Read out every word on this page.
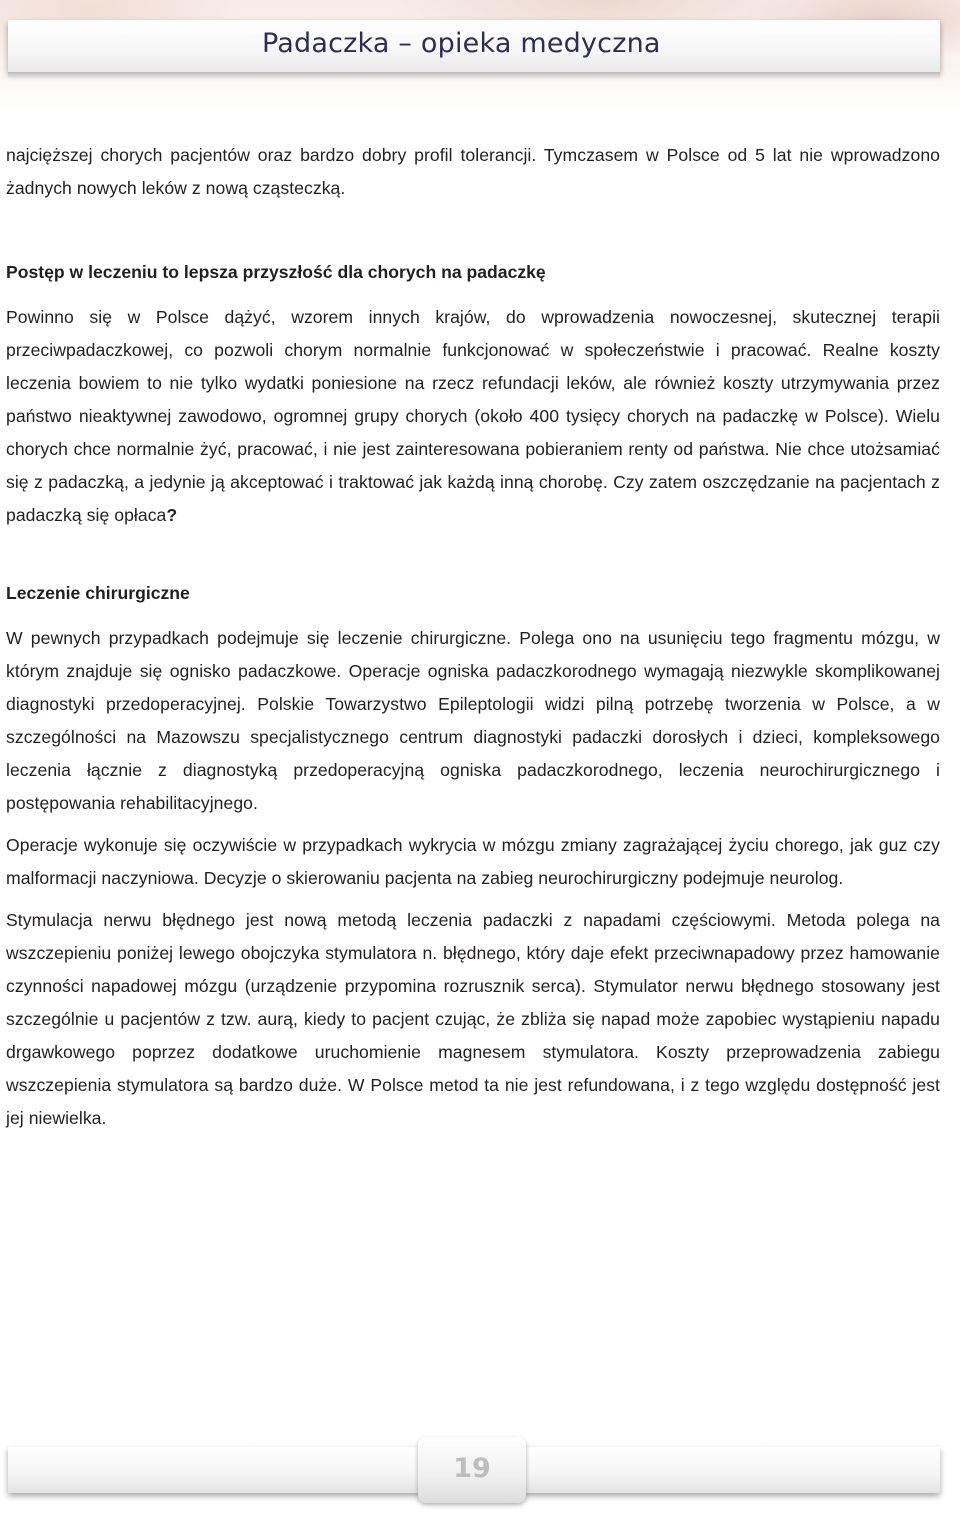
Padaczka – opieka medyczna

najcięższej chorych pacjentów oraz bardzo dobry profil tolerancji. Tymczasem w Polsce od 5 lat nie wprowadzono żadnych nowych leków z nową cząsteczką.

Postęp w leczeniu to lepsza przyszłość dla chorych na padaczkę

Powinno się w Polsce dążyć, wzorem innych krajów, do wprowadzenia nowoczesnej, skutecznej terapii przeciwpadaczkowej, co pozwoli chorym normalnie funkcjonować w społeczeństwie i pracować. Realne koszty leczenia bowiem to nie tylko wydatki poniesione na rzecz refundacji leków, ale również koszty utrzymywania przez państwo nieaktywnej zawodowo, ogromnej grupy chorych (około 400 tysięcy chorych na padaczkę w Polsce). Wielu chorych chce normalnie żyć, pracować, i nie jest zainteresowana pobieraniem renty od państwa. Nie chce utożsamiać się z padaczką, a jedynie ją akceptować i traktować jak każdą inną chorobę. Czy zatem oszczędzanie na pacjentach z padaczką się opłaca?

Leczenie chirurgiczne

W pewnych przypadkach podejmuje się leczenie chirurgiczne. Polega ono na usunięciu tego fragmentu mózgu, w którym znajduje się ognisko padaczkowe. Operacje ogniska padaczkorodnego wymagają niezwykle skomplikowanej diagnostyki przedoperacyjnej. Polskie Towarzystwo Epileptologii widzi pilną potrzebę tworzenia w Polsce, a w szczególności na Mazowszu specjalistycznego centrum diagnostyki padaczki dorosłych i dzieci, kompleksowego leczenia łącznie z diagnostyką przedoperacyjną ogniska padaczkorodnego, leczenia neurochirurgicznego i postępowania rehabilitacyjnego.

Operacje wykonuje się oczywiście w przypadkach wykrycia w mózgu zmiany zagrażającej życiu chorego, jak guz czy malformacji naczyniowa. Decyzje o skierowaniu pacjenta na zabieg neurochirurgiczny podejmuje neurolog.

Stymulacja nerwu błędnego jest nową metodą leczenia padaczki z napadami częściowymi. Metoda polega na wszczepieniu poniżej lewego obojczyka stymulatora n. błędnego, który daje efekt przeciwnapadowy przez hamowanie czynności napadowej mózgu (urządzenie przypomina rozrusznik serca). Stymulator nerwu błędnego stosowany jest szczególnie u pacjentów z tzw. aurą, kiedy to pacjent czując, że zbliża się napad może zapobiec wystąpieniu napadu drgawkowego poprzez dodatkowe uruchomienie magnesem stymulatora. Koszty przeprowadzenia zabiegu wszczepienia stymulatora są bardzo duże. W Polsce metod ta nie jest refundowana, i z tego względu dostępność jest jej niewielka.

19
